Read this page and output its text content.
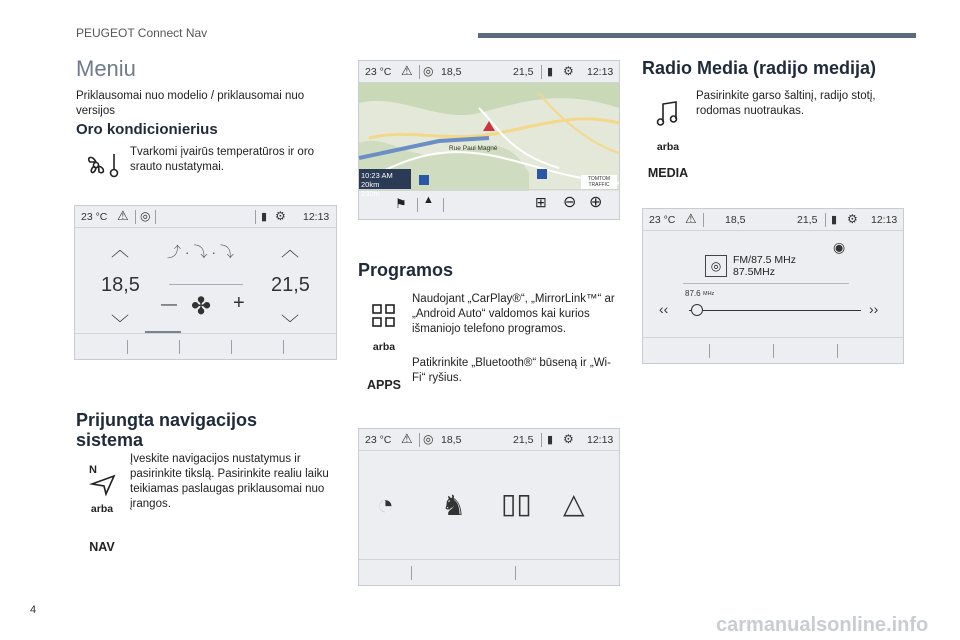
PEUGEOT Connect Nav
Meniu
Priklausomai nuo modelio / priklausomai nuo versijos
Oro kondicionierius
Tvarkomi įvairūs temperatūros ir oro srauto nustatymai.
23 °C ⚠ ◎	▮ ⚙ 12:13
︿
18,5
﹀
⤴ · ⤵ · ⤵
— ✤ +
︿
21,5
﹀
Prijungta navigacijos sistema
N
arba
NAV
Įveskite navigacijos nustatymus ir pasirinkite tikslą. Pasirinkite realiu laiku teikiamas paslaugas priklausomai nuo įrangos.
23 °C ⚠ ◎ 18,5	21,5 ▮ ⚙ 12:13
10:23 AM 20km
232m
Rue Paul Magné
TOMTOM TRAFFIC
⚑ ▲	⊞ ⊖ ⊕
Programos
arba
APPS
Naudojant „CarPlay®“, „MirrorLink™“ ar „Android Auto“ valdomos kai kurios išmaniojo telefono programos.
Patikrinkite „Bluetooth®“ būseną ir „Wi-Fi“ ryšius.
23 °C ⚠ ◎ 18,5	21,5 ▮ ⚙ 12:13
◔ ♞ ▯▯ △
Radio Media (radijo medija)
arba
MEDIA
Pasirinkite garso šaltinį, radijo stotį, rodomas nuotraukas.
23 °C ⚠	18,5	21,5 ▮ ⚙ 12:13
◉
◎	FM/87.5 MHz
87.5MHz
87.6 MHz
‹‹	››
4
carmanualsonline.info
